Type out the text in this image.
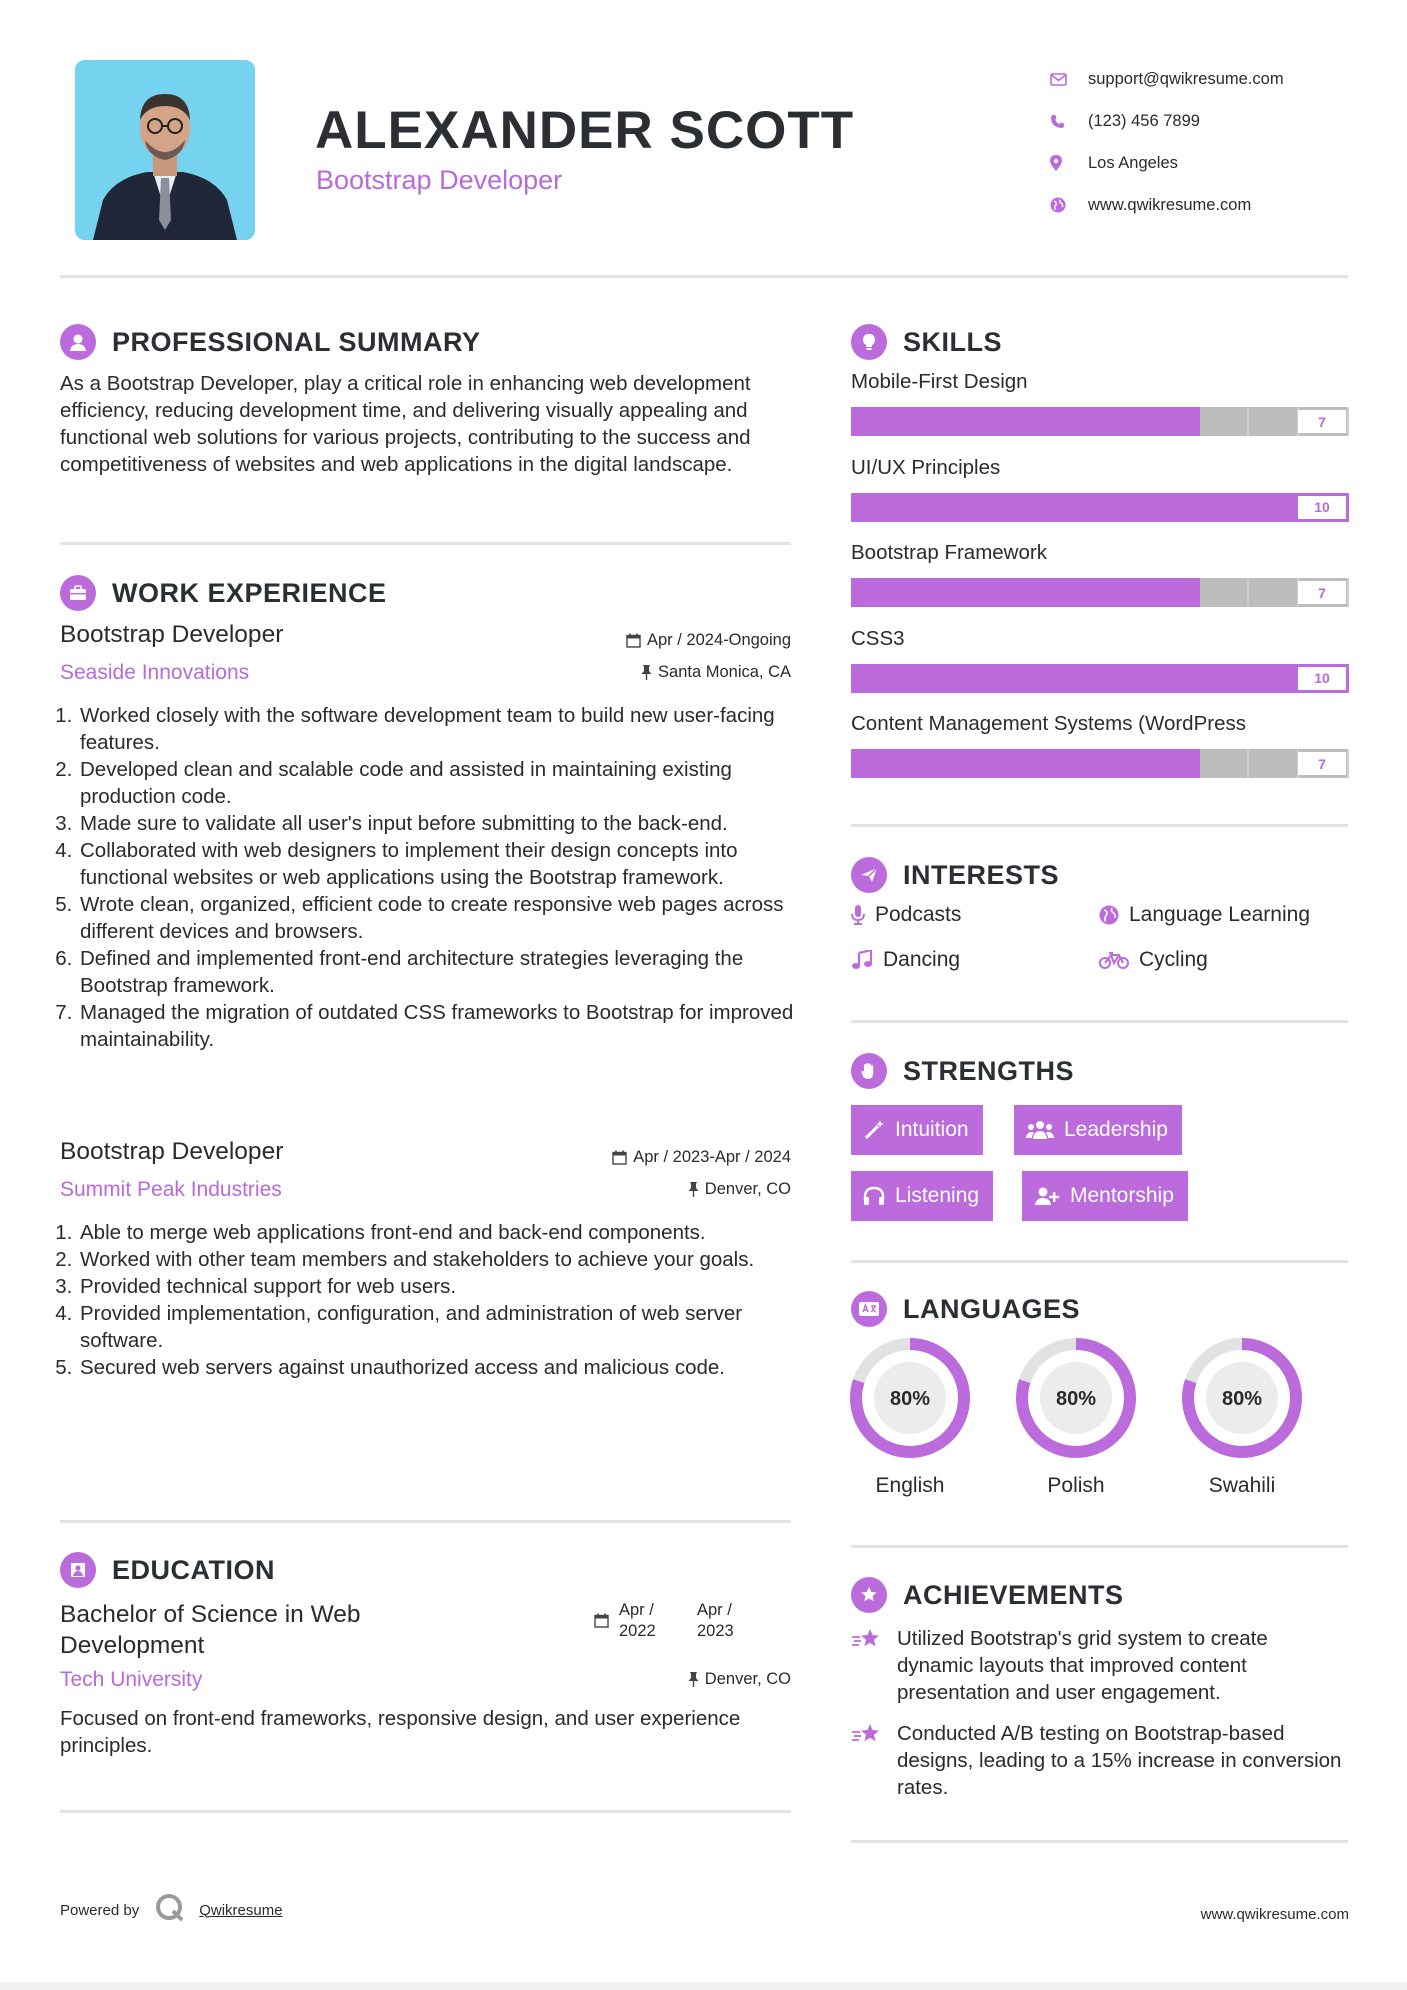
ALEXANDER SCOTT
Bootstrap Developer
support@qwikresume.com
(123) 456 7899
Los Angeles
www.qwikresume.com
PROFESSIONAL SUMMARY
As a Bootstrap Developer, play a critical role in enhancing web development efficiency, reducing development time, and delivering visually appealing and functional web solutions for various projects, contributing to the success and competitiveness of websites and web applications in the digital landscape.
WORK EXPERIENCE
Bootstrap Developer	Apr / 2024-Ongoing
Seaside Innovations	Santa Monica, CA
1. Worked closely with the software development team to build new user-facing features.
2. Developed clean and scalable code and assisted in maintaining existing production code.
3. Made sure to validate all user's input before submitting to the back-end.
4. Collaborated with web designers to implement their design concepts into functional websites or web applications using the Bootstrap framework.
5. Wrote clean, organized, efficient code to create responsive web pages across different devices and browsers.
6. Defined and implemented front-end architecture strategies leveraging the Bootstrap framework.
7. Managed the migration of outdated CSS frameworks to Bootstrap for improved maintainability.
Bootstrap Developer	Apr / 2023-Apr / 2024
Summit Peak Industries	Denver, CO
1. Able to merge web applications front-end and back-end components.
2. Worked with other team members and stakeholders to achieve your goals.
3. Provided technical support for web users.
4. Provided implementation, configuration, and administration of web server software.
5. Secured web servers against unauthorized access and malicious code.
EDUCATION
Bachelor of Science in Web
Development
Apr /
2022
Apr /
2023
Tech University	Denver, CO
Focused on front-end frameworks, responsive design, and user experience principles.
SKILLS
Mobile-First Design
7
UI/UX Principles
10
Bootstrap Framework
7
CSS3
10
Content Management Systems (WordPress
7
INTERESTS
Podcasts	Language Learning
Dancing	Cycling
STRENGTHS
Intuition	Leadership
Listening	Mentorship
LANGUAGES
80%
English
80%
Polish
80%
Swahili
ACHIEVEMENTS
Utilized Bootstrap's grid system to create dynamic layouts that improved content presentation and user engagement.
Conducted A/B testing on Bootstrap-based designs, leading to a 15% increase in conversion rates.
Powered by	Qwikresume	www.qwikresume.com
